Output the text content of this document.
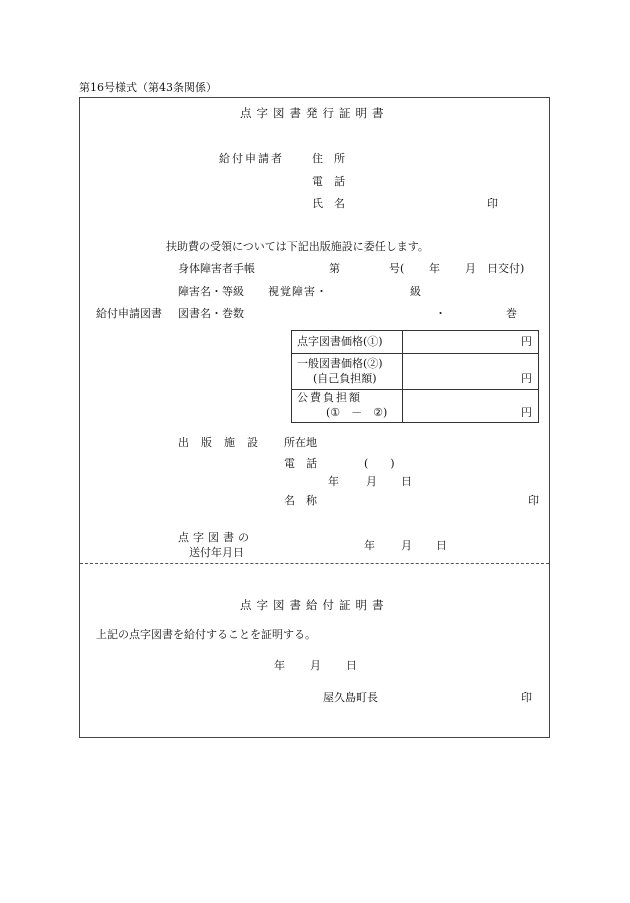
第16号様式（第43条関係）
点字図書発行証明書
給付申請者	住　所
電　話
氏　名	印
扶助費の受領については下記出版施設に委任します。
身体障害者手帳	第	号( 年 月 日交付)
障害名・等級 視覚障害・	級
給付申請図書 図書名・巻数	・	巻
点字図書価格(①)	円
一般図書価格(②)
(自己負担額)	円
公費負担額
(①　－　②)	円
出版施設 所在地
電　話	(　　)
年 月 日
名　称	印
点字図書の
送付年月日
年 月 日
点字図書給付証明書
上記の点字図書を給付することを証明する。
年 月 日
屋久島町長	印
